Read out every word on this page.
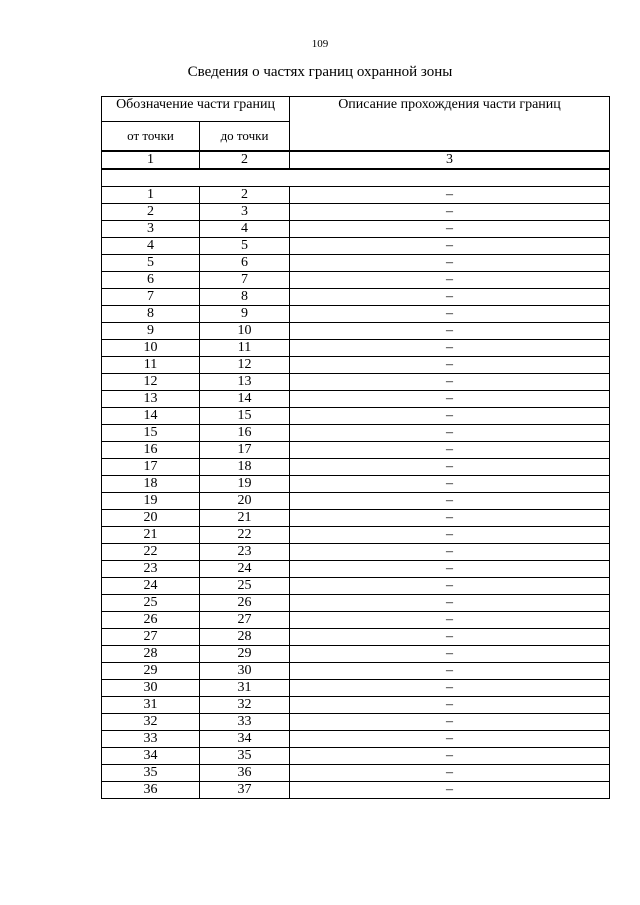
109
Сведения о частях границ охранной зоны
Обозначение части границ		Описание прохождения части границ
от точки	до точки	
1	2	3

1	2	–
2	3	–
3	4	–
4	5	–
5	6	–
6	7	–
7	8	–
8	9	–
9	10	–
10	11	–
11	12	–
12	13	–
13	14	–
14	15	–
15	16	–
16	17	–
17	18	–
18	19	–
19	20	–
20	21	–
21	22	–
22	23	–
23	24	–
24	25	–
25	26	–
26	27	–
27	28	–
28	29	–
29	30	–
30	31	–
31	32	–
32	33	–
33	34	–
34	35	–
35	36	–
36	37	–
